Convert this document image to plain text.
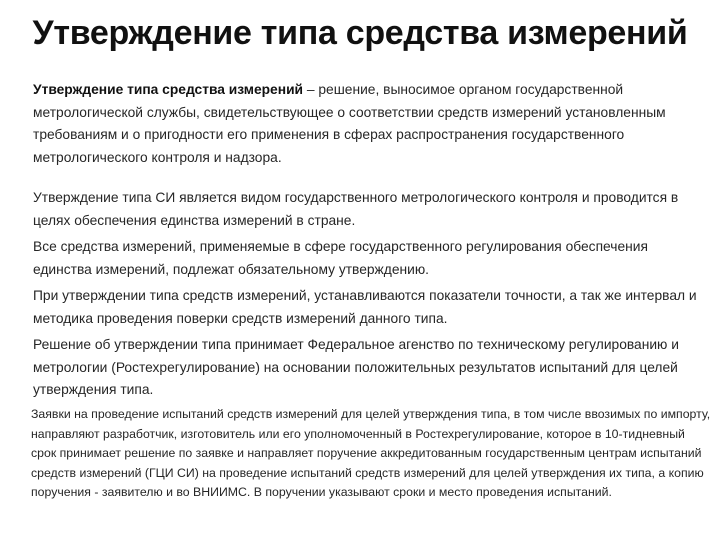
Утверждение типа средства измерений

Утверждение типа средства измерений – решение, выносимое органом государственной метрологической службы, свидетельствующее о соответствии средств измерений установленным требованиям и о пригодности его применения в сферах распространения государственного метрологического контроля и надзора.

Утверждение типа СИ является видом государственного метрологического контроля и проводится в целях обеспечения единства измерений в стране.

Все средства измерений, применяемые в сфере государственного регулирования обеспечения единства измерений, подлежат обязательному утверждению.

При утверждении типа средств измерений, устанавливаются показатели точности, а так же интервал и методика проведения поверки средств измерений данного типа.

Решение об утверждении типа принимает Федеральное агенство по техническому регулированию и метрологии (Ростехрегулирование) на основании положительных результатов испытаний для целей утверждения типа.

Заявки на проведение испытаний средств измерений для целей утверждения типа, в том числе ввозимых по импорту, направляют разработчик, изготовитель или его уполномоченный в Ростехрегулирование, которое в 10-тидневный срок принимает решение по заявке и направляет поручение аккредитованным государственным центрам испытаний средств измерений (ГЦИ СИ) на проведение испытаний средств измерений для целей утверждения их типа, а копию поручения - заявителю и во ВНИИМС. В поручении указывают сроки и место проведения испытаний.
